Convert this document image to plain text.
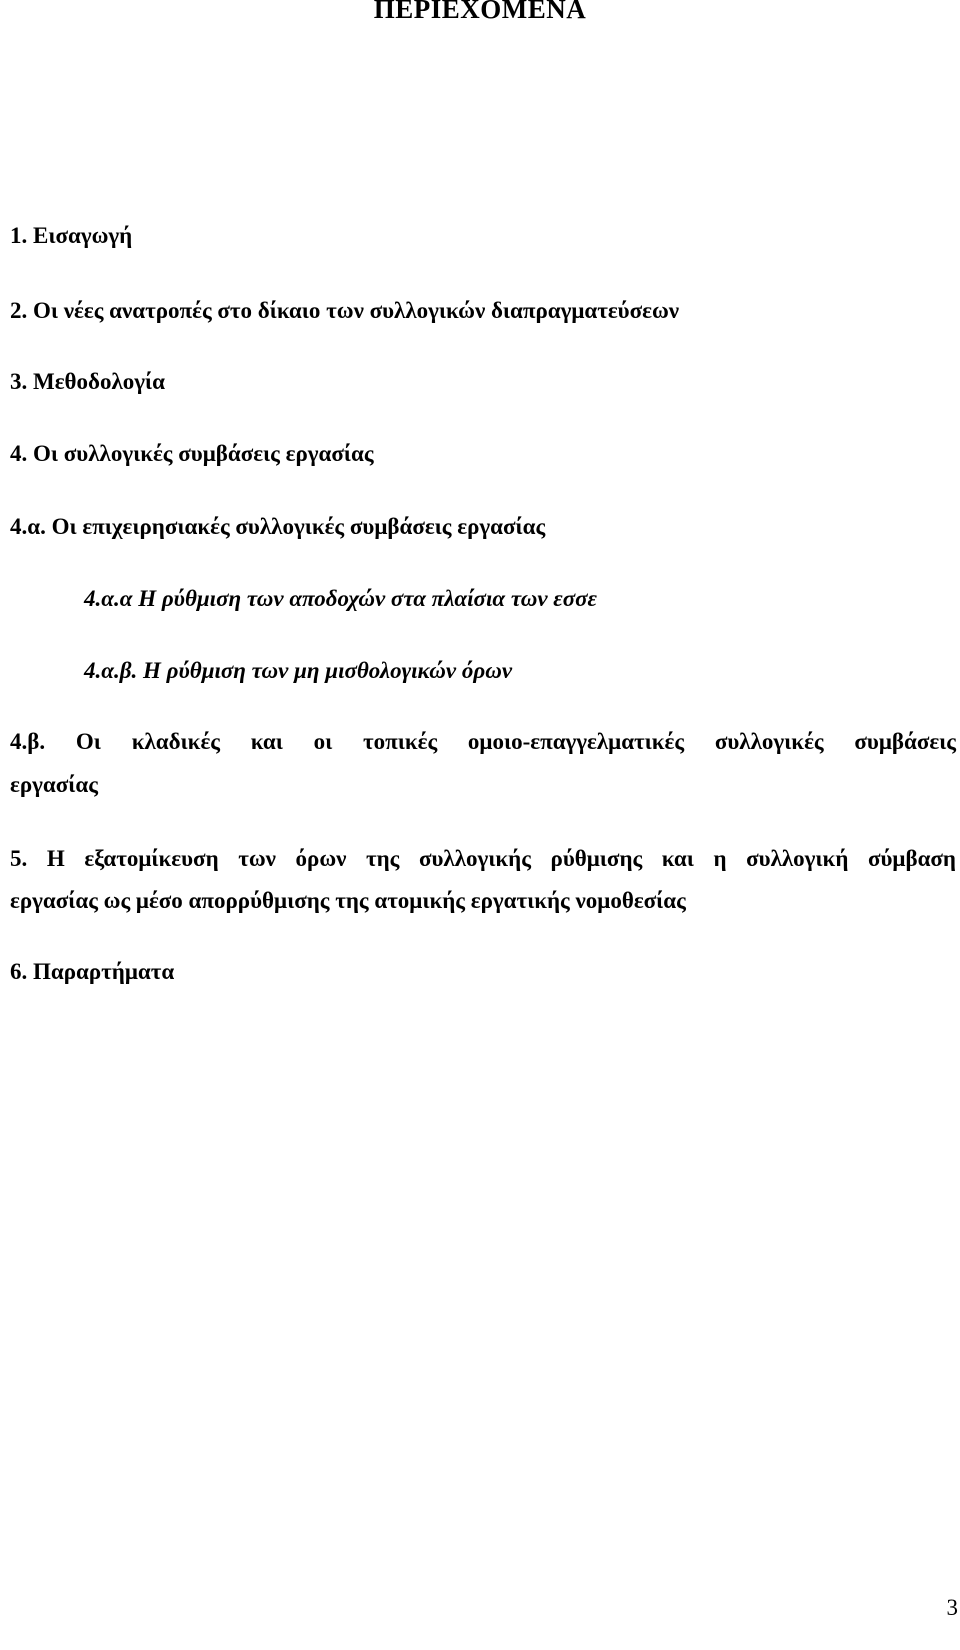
ΠΕΡΙΕΧΟΜΕΝΑ
1. Εισαγωγή
2. Οι νέες ανατροπές στο δίκαιο των συλλογικών διαπραγματεύσεων
3. Μεθοδολογία
4. Οι συλλογικές συμβάσεις εργασίας
4.α. Οι επιχειρησιακές συλλογικές συμβάσεις εργασίας
4.α.α Η ρύθμιση των αποδοχών στα πλαίσια των εσσε
4.α.β. Η ρύθμιση των μη μισθολογικών όρων
4.β. Οι κλαδικές και οι τοπικές ομοιο-επαγγελματικές συλλογικές συμβάσεις
εργασίας
5. Η εξατομίκευση των όρων της συλλογικής ρύθμισης και η συλλογική σύμβαση
εργασίας ως μέσο απορρύθμισης της ατομικής εργατικής νομοθεσίας
6. Παραρτήματα
3
